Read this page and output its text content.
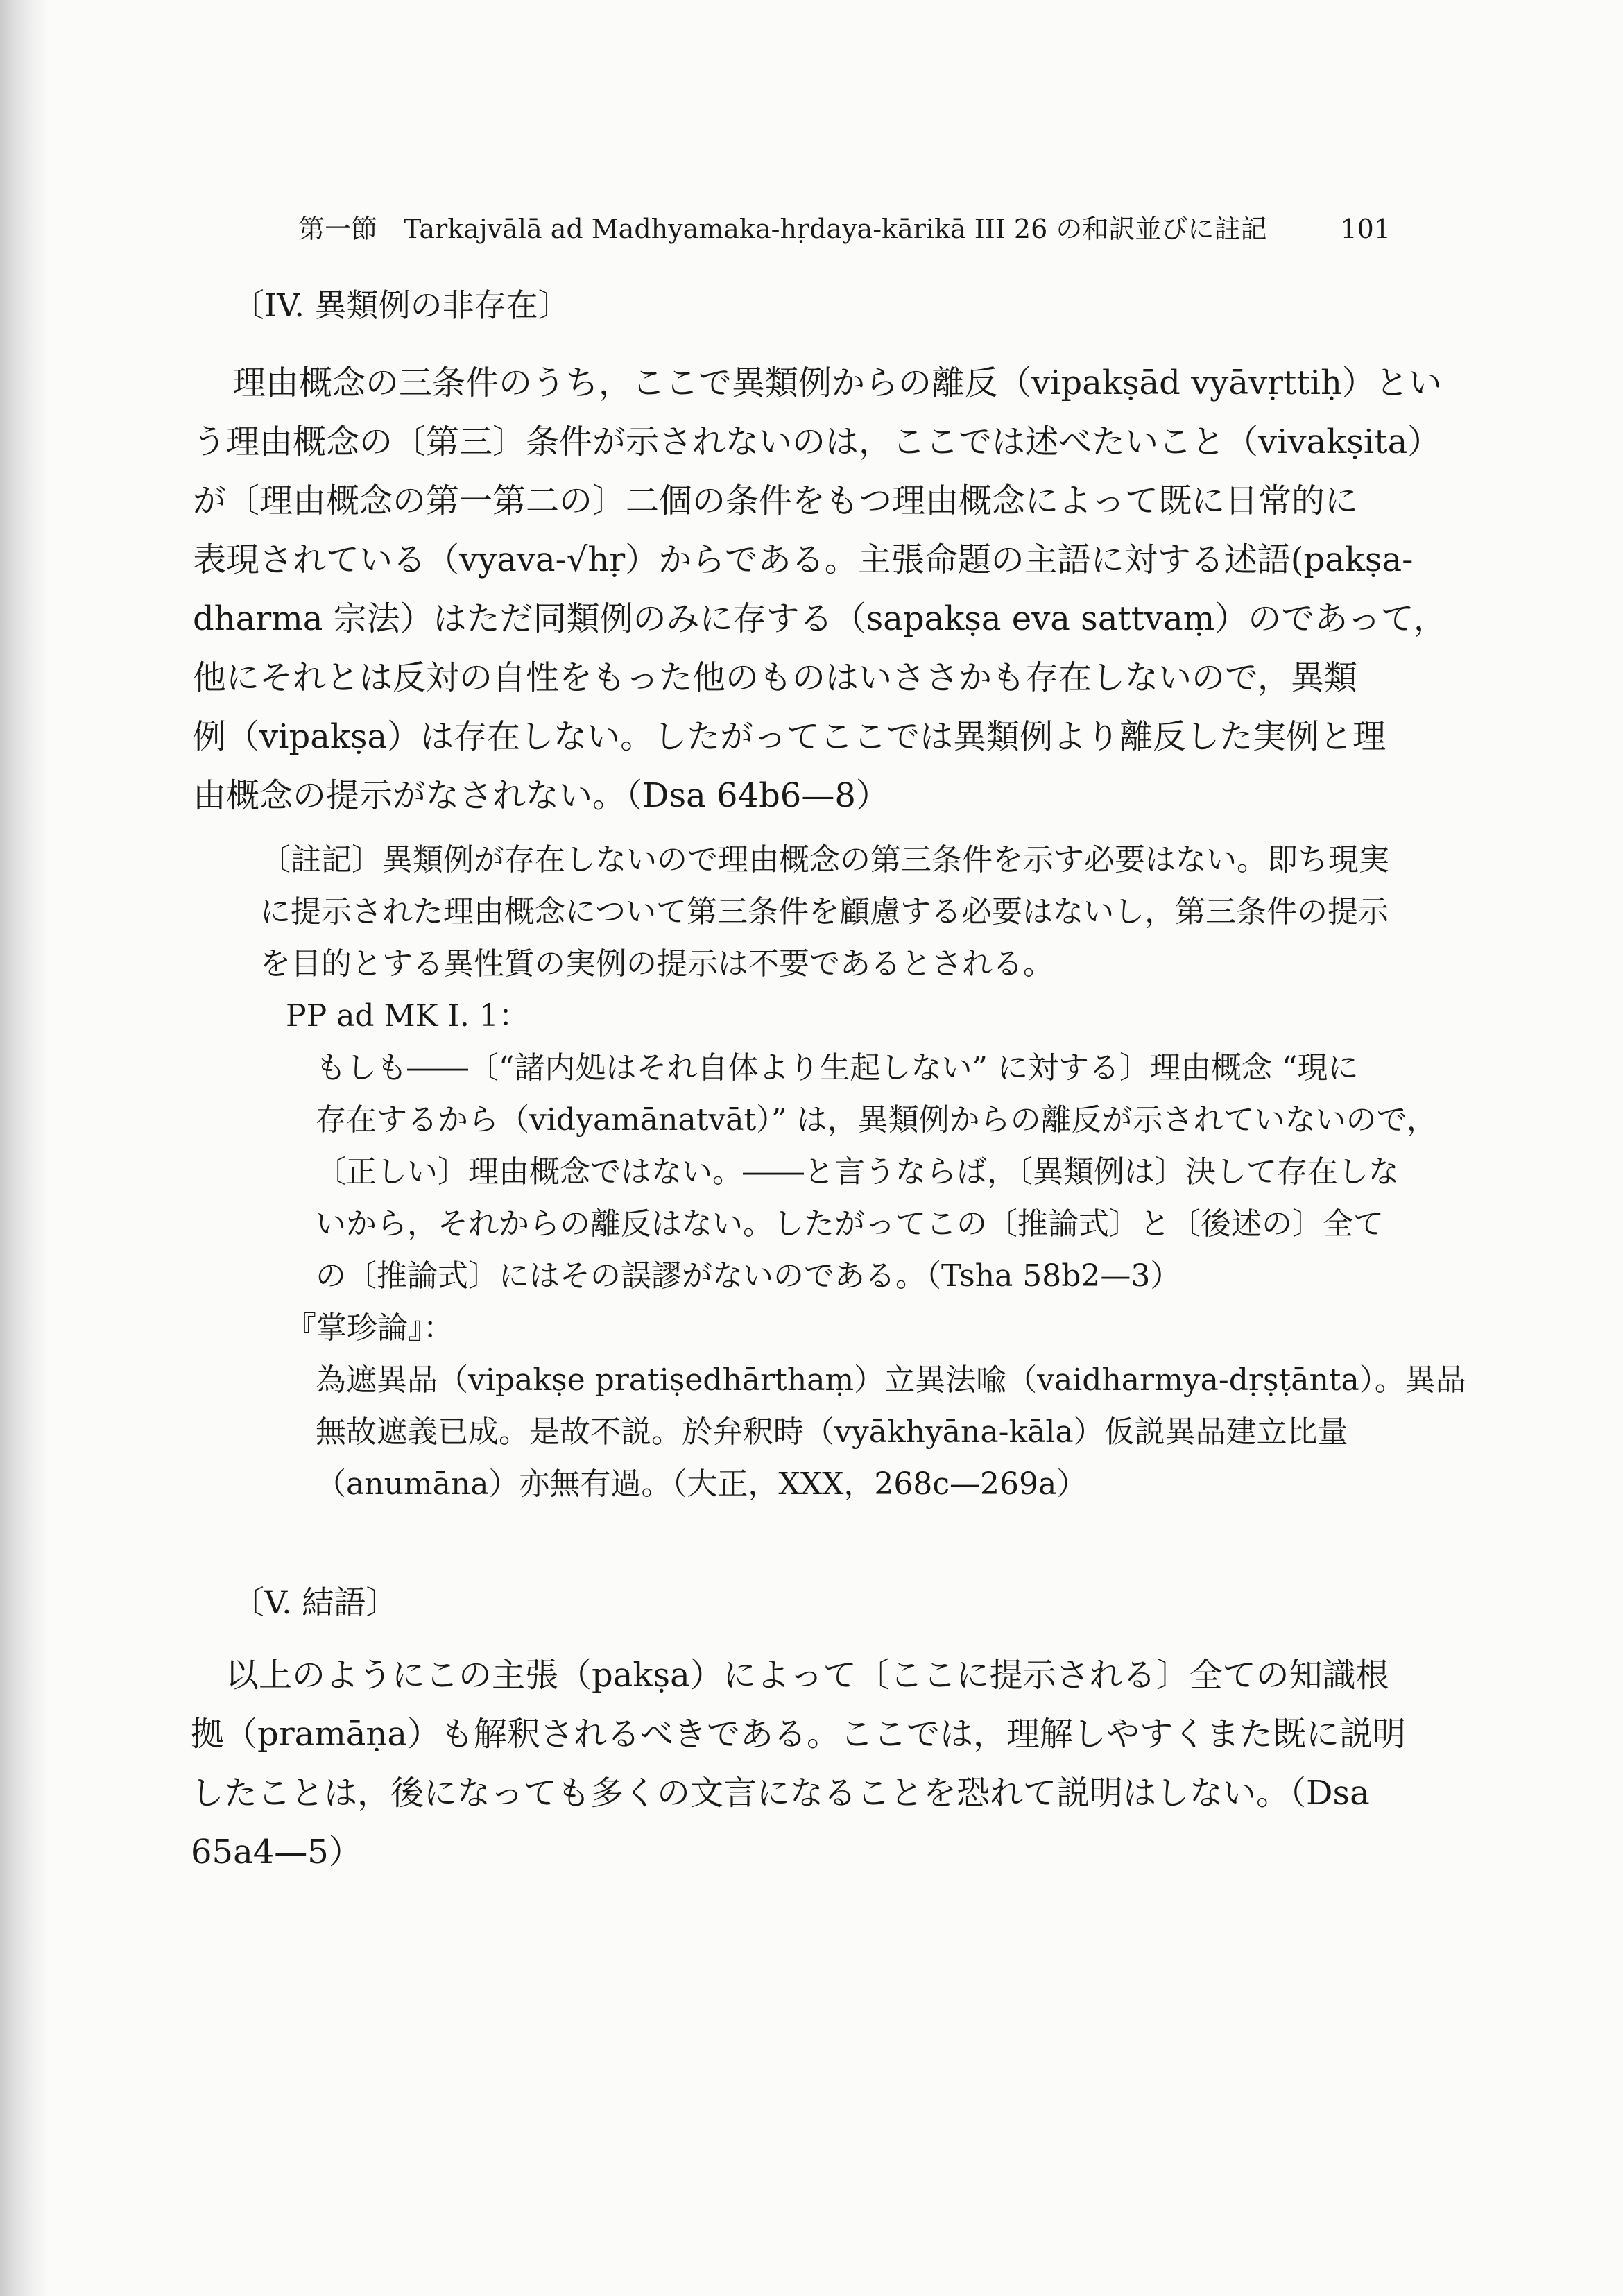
第一節　Tarkajvālā ad Madhyamaka-hṛdaya-kārikā III 26 の和訳並びに註記	101
〔IV. 異類例の非存在〕
理由概念の三条件のうち，ここで異類例からの離反（vipakṣād vyāvṛttiḥ）とい
う理由概念の〔第三〕条件が示されないのは，ここでは述べたいこと（vivakṣita）
が〔理由概念の第一第二の〕二個の条件をもつ理由概念によって既に日常的に
表現されている（vyava-√hṛ）からである。主張命題の主語に対する述語(pakṣa-
dharma 宗法）はただ同類例のみに存する（sapakṣa eva sattvaṃ）のであって，
他にそれとは反対の自性をもった他のものはいささかも存在しないので，異類
例（vipakṣa）は存在しない。したがってここでは異類例より離反した実例と理
由概念の提示がなされない。（Dsa 64b6—8）
〔註記〕異類例が存在しないので理由概念の第三条件を示す必要はない。即ち現実
に提示された理由概念について第三条件を顧慮する必要はないし，第三条件の提示
を目的とする異性質の実例の提示は不要であるとされる。
PP ad MK I. 1：
もしも――〔“諸内処はそれ自体より生起しない” に対する〕理由概念 “現に
存在するから（vidyamānatvāt）” は，異類例からの離反が示されていないので，
〔正しい〕理由概念ではない。――と言うならば，〔異類例は〕決して存在しな
いから，それからの離反はない。したがってこの〔推論式〕と〔後述の〕全て
の〔推論式〕にはその誤謬がないのである。（Tsha 58b2—3）
『掌珍論』：
為遮異品（vipakṣe pratiṣedhārthaṃ）立異法喩（vaidharmya-dṛṣṭānta）。異品
無故遮義已成。是故不説。於弁釈時（vyākhyāna-kāla）仮説異品建立比量
（anumāna）亦無有過。（大正，XXX，268c—269a）
〔V. 結語〕
以上のようにこの主張（pakṣa）によって〔ここに提示される〕全ての知識根
拠（pramāṇa）も解釈されるべきである。ここでは，理解しやすくまた既に説明
したことは，後になっても多くの文言になることを恐れて説明はしない。（Dsa
65a4—5）
